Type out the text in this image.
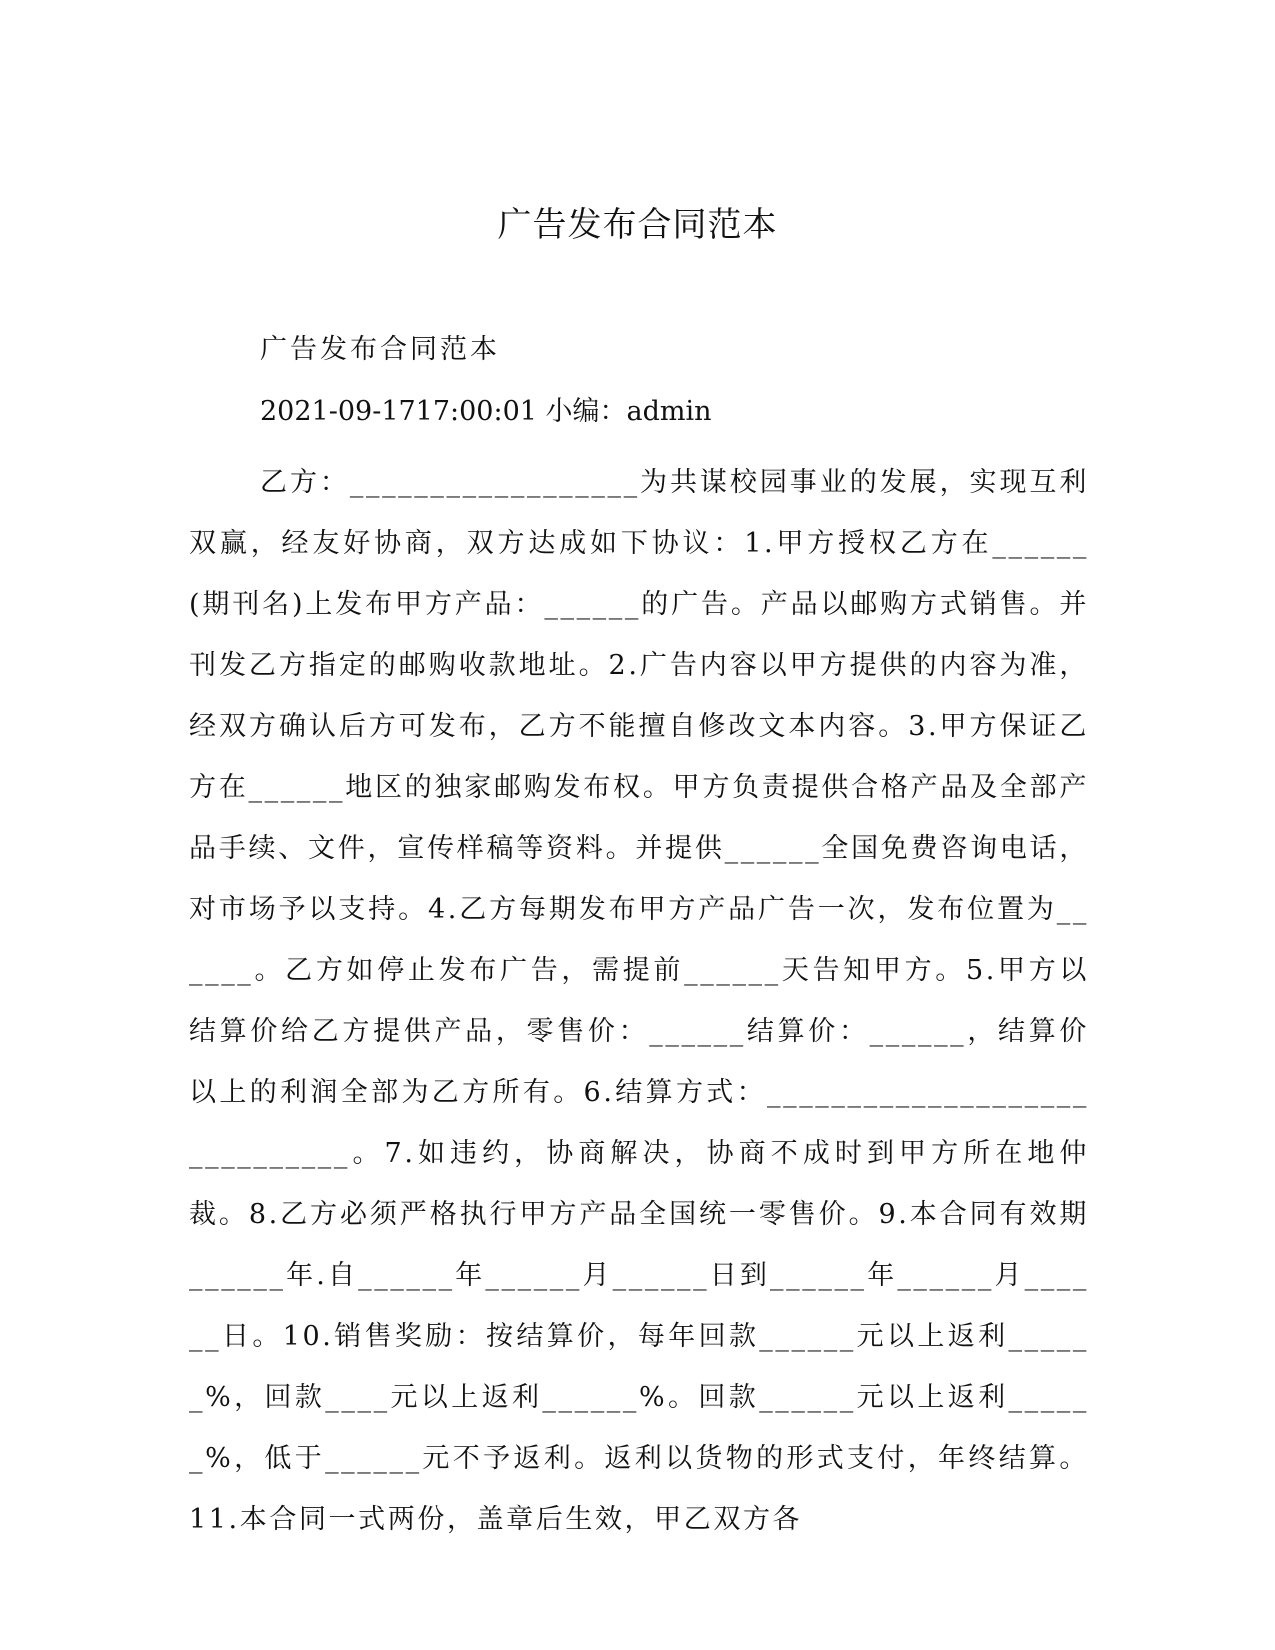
广告发布合同范本
广告发布合同范本
2021-09-1717:00:01 小编：admin
乙方：__________________为共谋校园事业的发展，实现互利双赢，经友好协商，双方达成如下协议：1.甲方授权乙方在______(期刊名)上发布甲方产品：______的广告。产品以邮购方式销售。并刊发乙方指定的邮购收款地址。2.广告内容以甲方提供的内容为准，经双方确认后方可发布，乙方不能擅自修改文本内容。3.甲方保证乙方在______地区的独家邮购发布权。甲方负责提供合格产品及全部产品手续、文件，宣传样稿等资料。并提供______全国免费咨询电话，对市场予以支持。4.乙方每期发布甲方产品广告一次，发布位置为______。乙方如停止发布广告，需提前______天告知甲方。5.甲方以结算价给乙方提供产品，零售价：______结算价：______，结算价以上的利润全部为乙方所有。6.结算方式：______________________________。7.如违约，协商解决，协商不成时到甲方所在地仲裁。8.乙方必须严格执行甲方产品全国统一零售价。9.本合同有效期______年.自______年______月______日到______年______月______日。10.销售奖励：按结算价，每年回款______元以上返利______%，回款____元以上返利______%。回款______元以上返利______%，低于______元不予返利。返利以货物的形式支付，年终结算。11.本合同一式两份，盖章后生效，甲乙双方各
